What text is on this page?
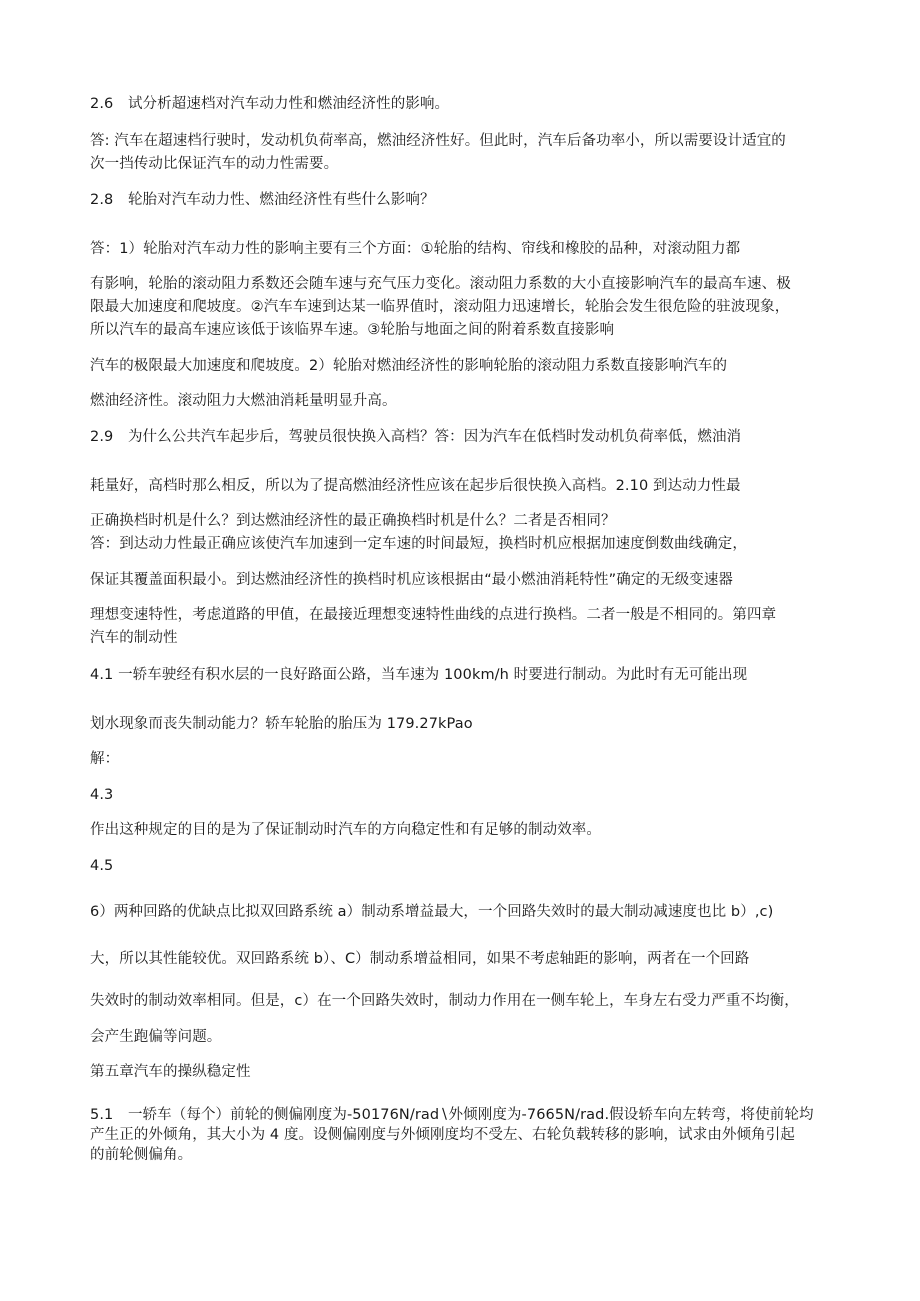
2.6　试分析超速档对汽车动力性和燃油经济性的影响。
答: 汽车在超速档行驶时，发动机负荷率高，燃油经济性好。但此时，汽车后备功率小，所以需要设计适宜的
次一挡传动比保证汽车的动力性需要。
2.8　轮胎对汽车动力性、燃油经济性有些什么影响？
答：1）轮胎对汽车动力性的影响主要有三个方面：①轮胎的结构、帘线和橡胶的品种，对滚动阻力都
有影响，轮胎的滚动阻力系数还会随车速与充气压力变化。滚动阻力系数的大小直接影响汽车的最高车速、极
限最大加速度和爬坡度。②汽车车速到达某一临界值时，滚动阻力迅速增长，轮胎会发生很危险的驻波现象，
所以汽车的最高车速应该低于该临界车速。③轮胎与地面之间的附着系数直接影响
汽车的极限最大加速度和爬坡度。2）轮胎对燃油经济性的影响轮胎的滚动阻力系数直接影响汽车的
燃油经济性。滚动阻力大燃油消耗量明显升高。
2.9　为什么公共汽车起步后，驾驶员很快换入高档？答：因为汽车在低档时发动机负荷率低，燃油消
耗量好，高档时那么相反，所以为了提高燃油经济性应该在起步后很快换入高档。2.10 到达动力性最
正确换档时机是什么？到达燃油经济性的最正确换档时机是什么？二者是否相同？
答：到达动力性最正确应该使汽车加速到一定车速的时间最短，换档时机应根据加速度倒数曲线确定，
保证其覆盖面积最小。到达燃油经济性的换档时机应该根据由“最小燃油消耗特性”确定的无级变速器
理想变速特性，考虑道路的甲值，在最接近理想变速特性曲线的点进行换档。二者一般是不相同的。第四章
汽车的制动性
4.1 一轿车驶经有积水层的一良好路面公路，当车速为 100km∕h 时要进行制动。为此时有无可能出现
划水现象而丧失制动能力？轿车轮胎的胎压为 179.27kPao
解：
4.3
作出这种规定的目的是为了保证制动时汽车的方向稳定性和有足够的制动效率。
4.5
6）两种回路的优缺点比拟双回路系统 a）制动系增益最大，一个回路失效时的最大制动减速度也比 b）,c)
大，所以其性能较优。双回路系统 b）、C）制动系增益相同，如果不考虑轴距的影响，两者在一个回路
失效时的制动效率相同。但是，c）在一个回路失效时，制动力作用在一侧车轮上，车身左右受力严重不均衡，
会产生跑偏等问题。
第五章汽车的操纵稳定性
5.1　一轿车（每个）前轮的侧偏刚度为-50176N∕rad∖外倾刚度为-7665N∕rad.假设轿车向左转弯，将使前轮均
产生正的外倾角，其大小为 4 度。设侧偏刚度与外倾刚度均不受左、右轮负载转移的影响，试求由外倾角引起
的前轮侧偏角。
